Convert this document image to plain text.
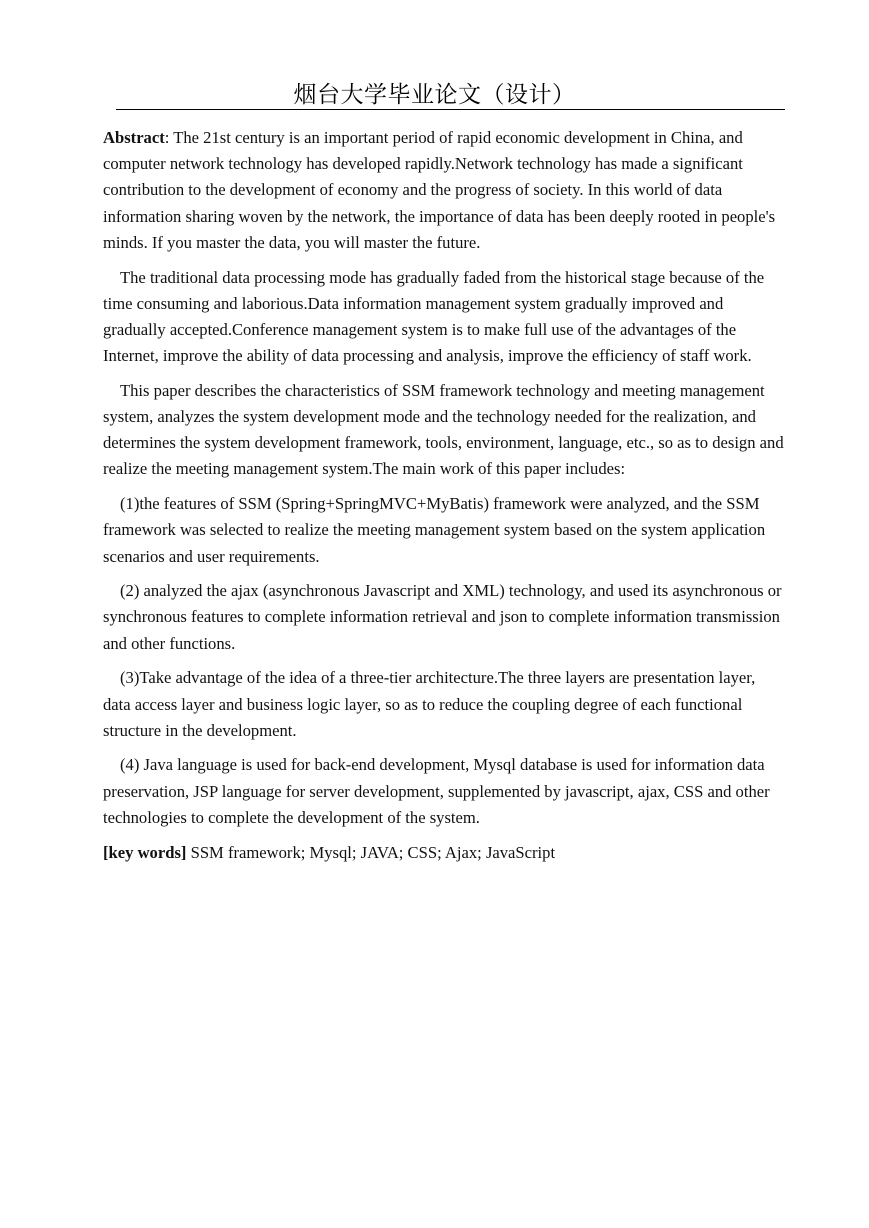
烟台大学毕业论文（设计）

Abstract: The 21st century is an important period of rapid economic development in China, and computer network technology has developed rapidly.Network technology has made a significant contribution to the development of economy and the progress of society. In this world of data information sharing woven by the network, the importance of data has been deeply rooted in people's minds. If you master the data, you will master the future.

The traditional data processing mode has gradually faded from the historical stage because of the time consuming and laborious.Data information management system gradually improved and gradually accepted.Conference management system is to make full use of the advantages of the Internet, improve the ability of data processing and analysis, improve the efficiency of staff work.

This paper describes the characteristics of SSM framework technology and meeting management system, analyzes the system development mode and the technology needed for the realization, and determines the system development framework, tools, environment, language, etc., so as to design and realize the meeting management system.The main work of this paper includes:

(1)the features of SSM (Spring+SpringMVC+MyBatis) framework were analyzed, and the SSM framework was selected to realize the meeting management system based on the system application scenarios and user requirements.

(2) analyzed the ajax (asynchronous Javascript and XML) technology, and used its asynchronous or synchronous features to complete information retrieval and json to complete information transmission and other functions.

(3)Take advantage of the idea of a three-tier architecture.The three layers are presentation layer, data access layer and business logic layer, so as to reduce the coupling degree of each functional structure in the development.

(4) Java language is used for back-end development, Mysql database is used for information data preservation, JSP language for server development, supplemented by javascript, ajax, CSS and other technologies to complete the development of the system.

[key words] SSM framework; Mysql; JAVA; CSS; Ajax; JavaScript
